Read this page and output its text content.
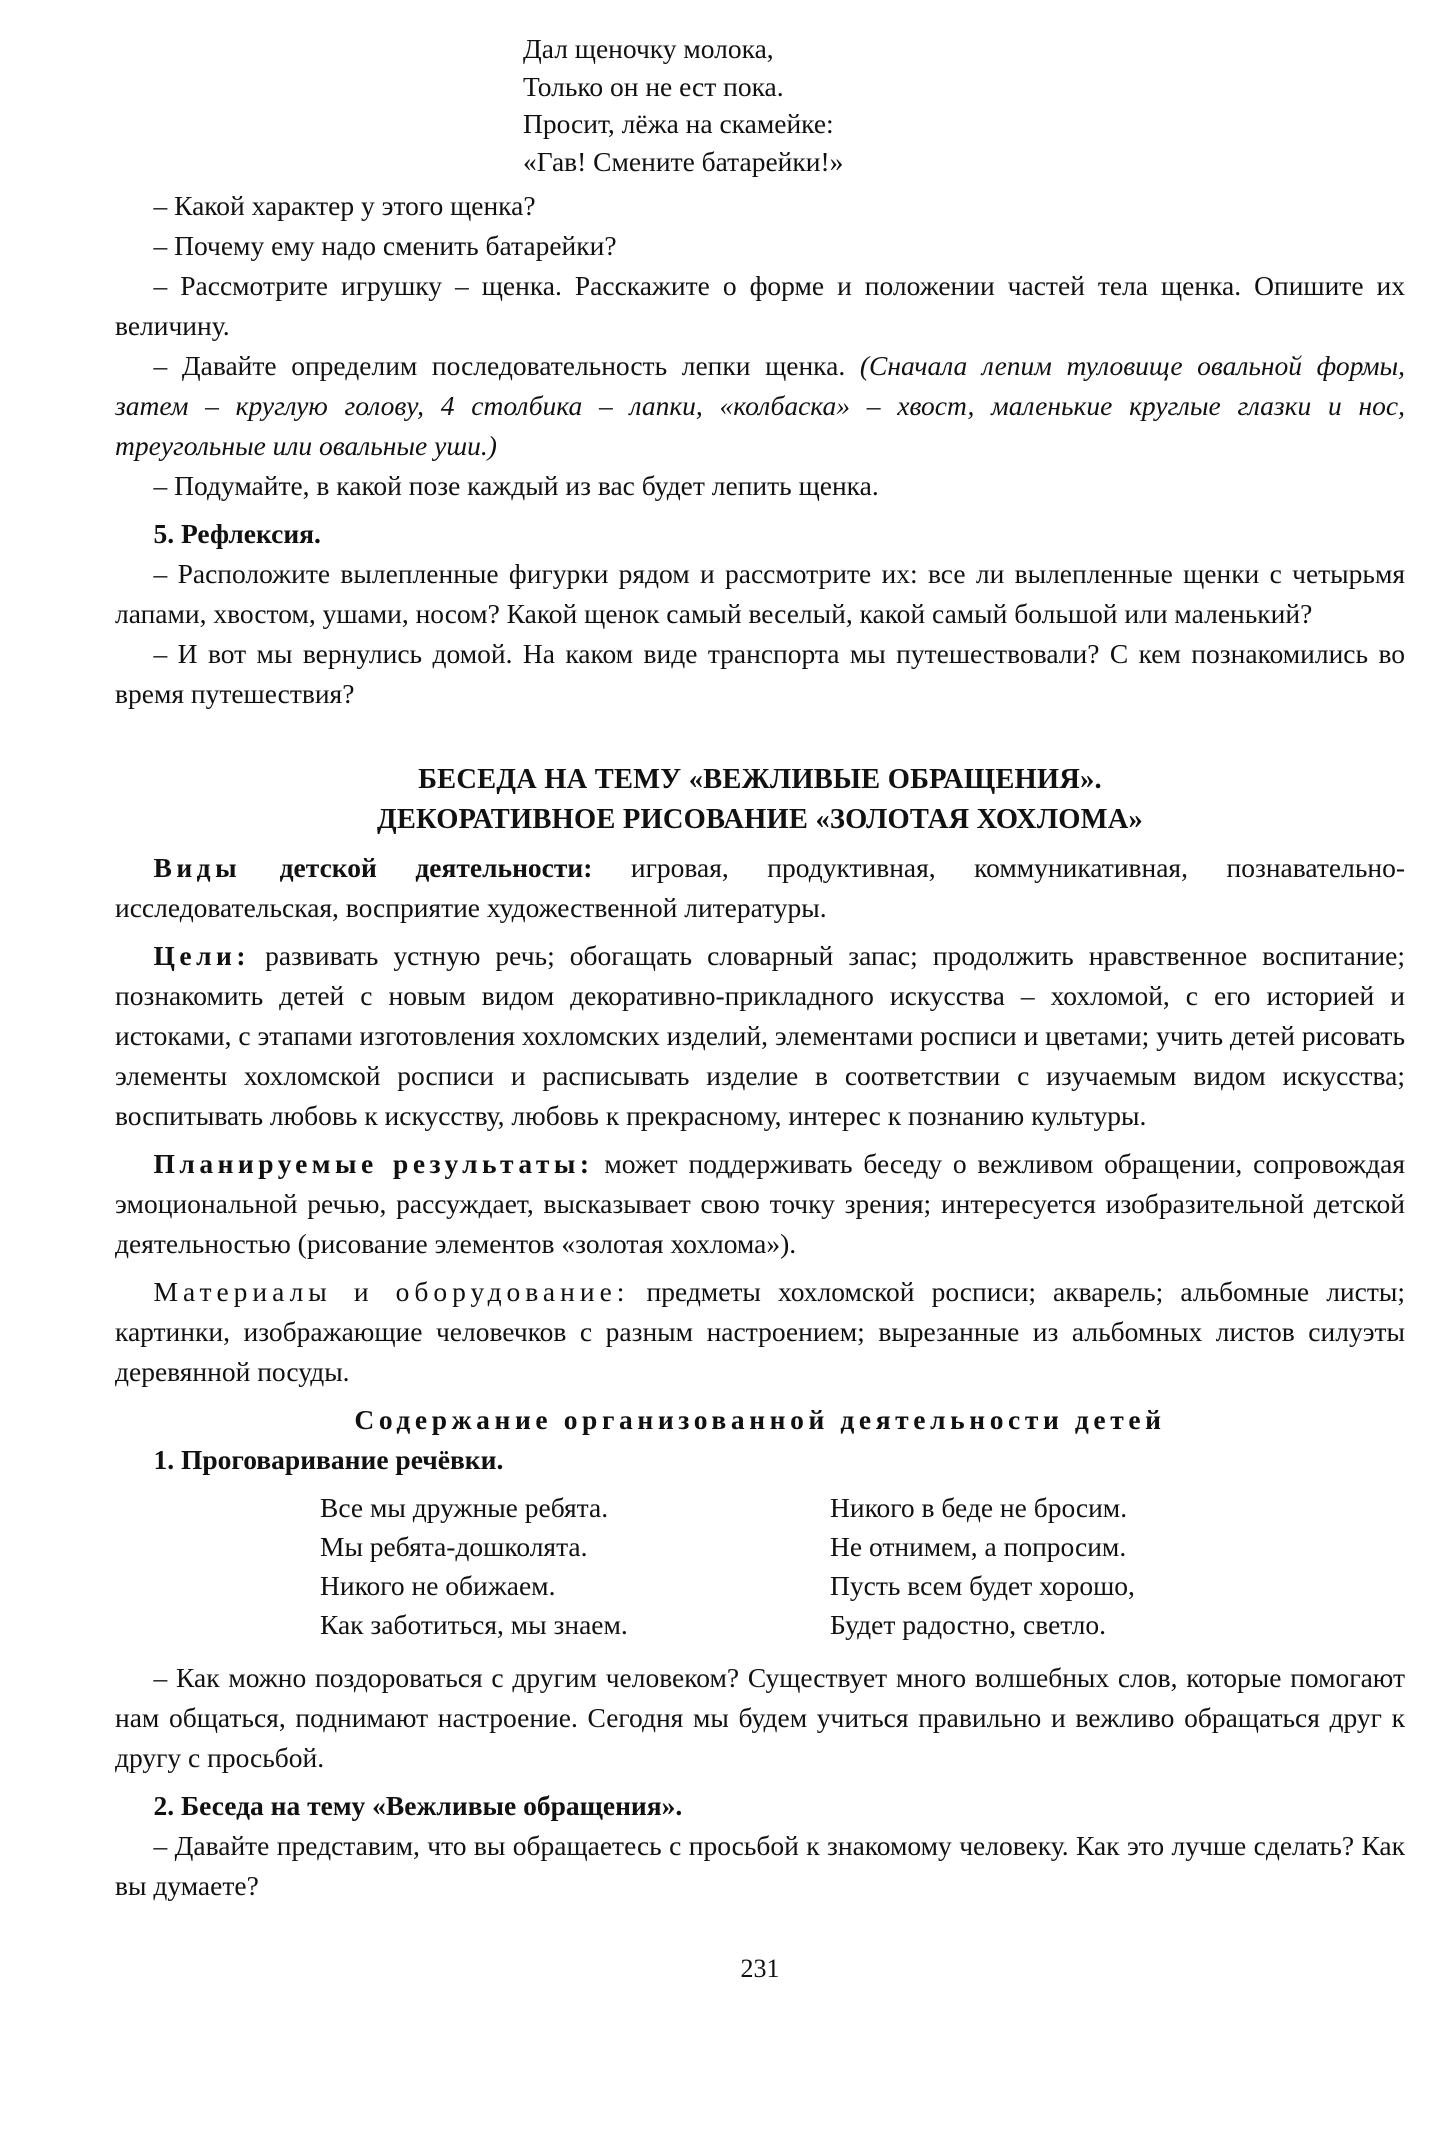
Дал щеночку молока,
Только он не ест пока.
Просит, лёжа на скамейке:
«Гав! Смените батарейки!»

– Какой характер у этого щенка?

– Почему ему надо сменить батарейки?

– Рассмотрите игрушку – щенка. Расскажите о форме и положении частей тела щенка. Опишите их величину.

– Давайте определим последовательность лепки щенка. (Сначала лепим туловище овальной формы, затем – круглую голову, 4 столбика – лапки, «колбаска» – хвост, маленькие круглые глазки и нос, треугольные или овальные уши.)

– Подумайте, в какой позе каждый из вас будет лепить щенка.

5. Рефлексия.

– Расположите вылепленные фигурки рядом и рассмотрите их: все ли вылепленные щенки с четырьмя лапами, хвостом, ушами, носом? Какой щенок самый веселый, какой самый большой или маленький?

– И вот мы вернулись домой. На каком виде транспорта мы путешествовали? С кем познакомились во время путешествия?

БЕСЕДА НА ТЕМУ «ВЕЖЛИВЫЕ ОБРАЩЕНИЯ».

ДЕКОРАТИВНОЕ РИСОВАНИЕ «ЗОЛОТАЯ ХОХЛОМА»

Виды детской деятельности: игровая, продуктивная, коммуникативная, познавательно-исследовательская, восприятие художественной литературы.

Цели: развивать устную речь; обогащать словарный запас; продолжить нравственное воспитание; познакомить детей с новым видом декоративно-прикладного искусства – хохломой, с его историей и истоками, с этапами изготовления хохломских изделий, элементами росписи и цветами; учить детей рисовать элементы хохломской росписи и расписывать изделие в соответствии с изучаемым видом искусства; воспитывать любовь к искусству, любовь к прекрасному, интерес к познанию культуры.

Планируемые результаты: может поддерживать беседу о вежливом обращении, сопровождая эмоциональной речью, рассуждает, высказывает свою точку зрения; интересуется изобразительной детской деятельностью (рисование элементов «золотая хохлома»).

Материалы и оборудование: предметы хохломской росписи; акварель; альбомные листы; картинки, изображающие человечков с разным настроением; вырезанные из альбомных листов силуэты деревянной посуды.

Содержание организованной деятельности детей

1. Проговаривание речёвки.

Все мы дружные ребята.
Мы ребята-дошколята.
Никого не обижаем.
Как заботиться, мы знаем.
Никого в беде не бросим.
Не отнимем, а попросим.
Пусть всем будет хорошо,
Будет радостно, светло.

– Как можно поздороваться с другим человеком? Существует много волшебных слов, которые помогают нам общаться, поднимают настроение. Сегодня мы будем учиться правильно и вежливо обращаться друг к другу с просьбой.

2. Беседа на тему «Вежливые обращения».

– Давайте представим, что вы обращаетесь с просьбой к знакомому человеку. Как это лучше сделать? Как вы думаете?

231
